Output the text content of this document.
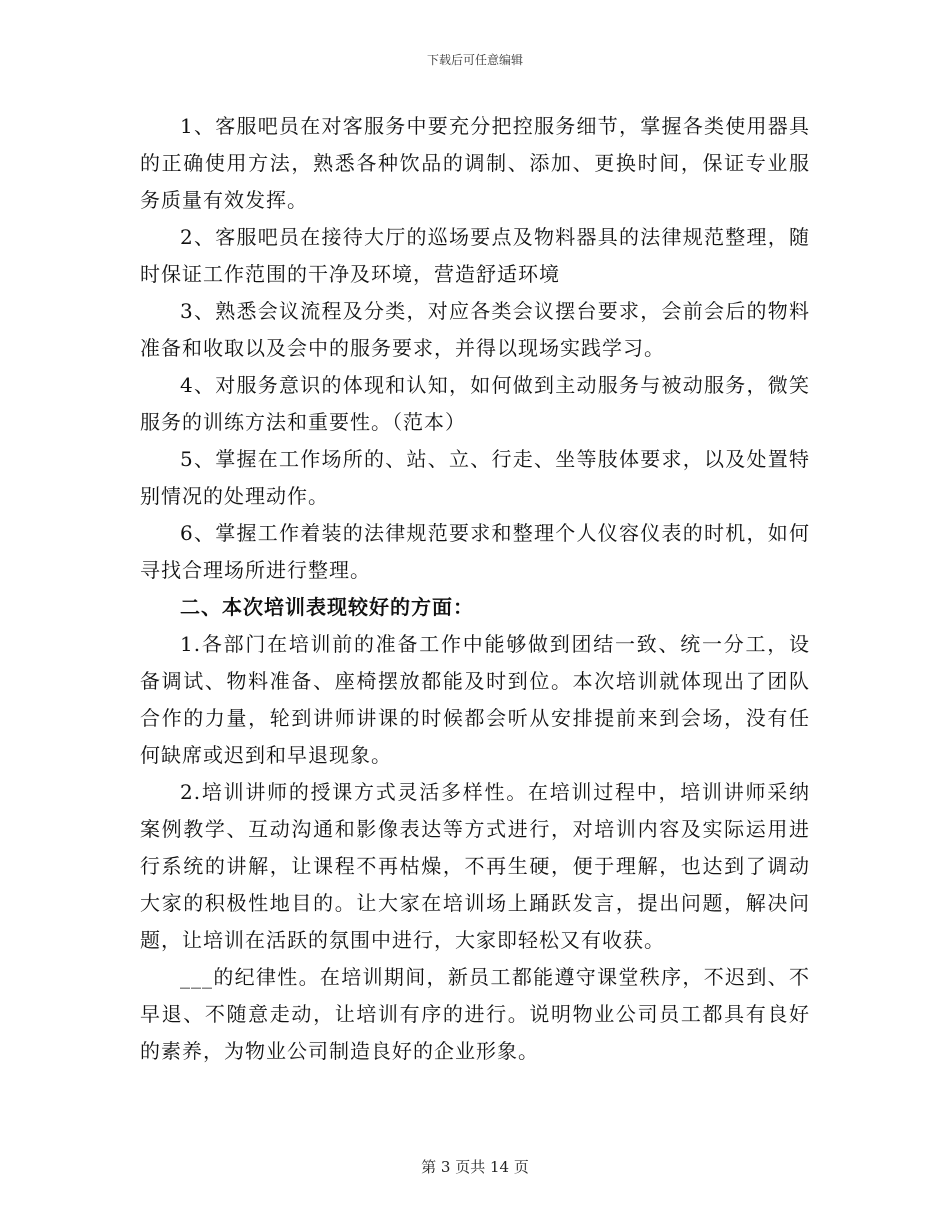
下载后可任意编辑

1、客服吧员在对客服务中要充分把控服务细节，掌握各类使用器具的正确使用方法，熟悉各种饮品的调制、添加、更换时间，保证专业服务质量有效发挥。

2、客服吧员在接待大厅的巡场要点及物料器具的法律规范整理，随时保证工作范围的干净及环境，营造舒适环境

3、熟悉会议流程及分类，对应各类会议摆台要求，会前会后的物料准备和收取以及会中的服务要求，并得以现场实践学习。

4、对服务意识的体现和认知，如何做到主动服务与被动服务，微笑服务的训练方法和重要性。（范本）

5、掌握在工作场所的、站、立、行走、坐等肢体要求，以及处置特别情况的处理动作。

6、掌握工作着装的法律规范要求和整理个人仪容仪表的时机，如何寻找合理场所进行整理。

二、本次培训表现较好的方面：

1.各部门在培训前的准备工作中能够做到团结一致、统一分工，设备调试、物料准备、座椅摆放都能及时到位。本次培训就体现出了团队合作的力量，轮到讲师讲课的时候都会听从安排提前来到会场，没有任何缺席或迟到和早退现象。

2.培训讲师的授课方式灵活多样性。在培训过程中，培训讲师采纳案例教学、互动沟通和影像表达等方式进行，对培训内容及实际运用进行系统的讲解，让课程不再枯燥，不再生硬，便于理解，也达到了调动大家的积极性地目的。让大家在培训场上踊跃发言，提出问题，解决问题，让培训在活跃的氛围中进行，大家即轻松又有收获。

___的纪律性。在培训期间，新员工都能遵守课堂秩序，不迟到、不早退、不随意走动，让培训有序的进行。说明物业公司员工都具有良好的素养，为物业公司制造良好的企业形象。

第 3 页共 14 页
